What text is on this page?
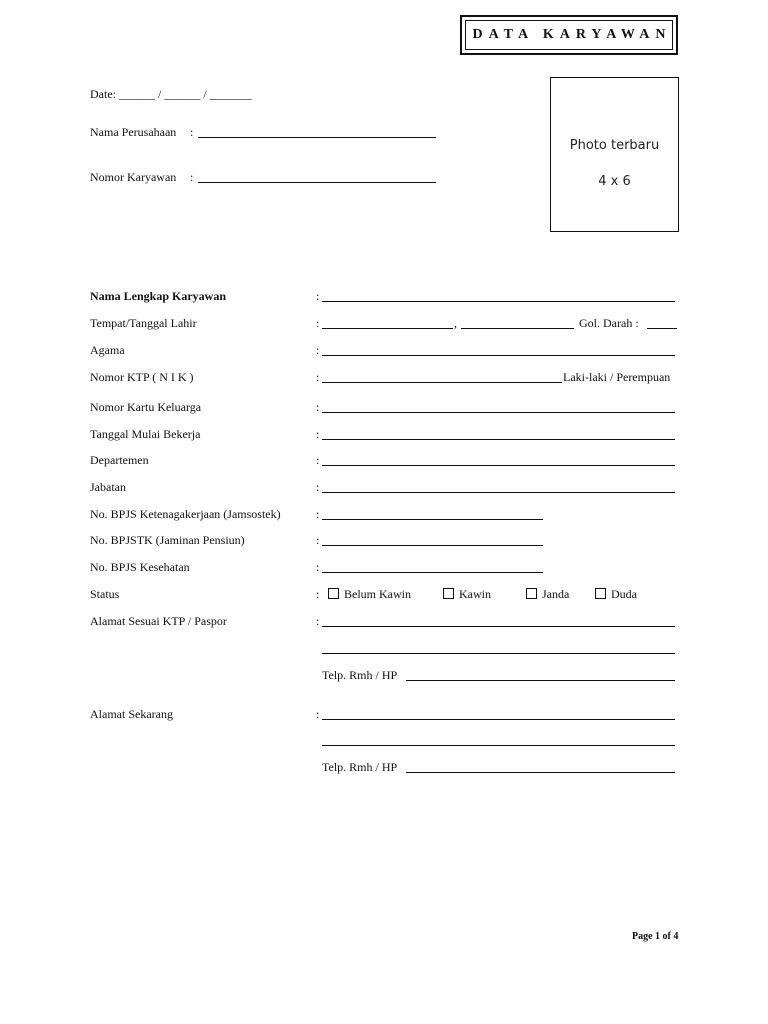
DATA KARYAWAN
Date: ______ / ______ / _______
Nama Perusahaan :
Nomor Karyawan :
Photo terbaru
4 x 6
Nama Lengkap Karyawan	:
Tempat/Tanggal Lahir	:	,	Gol. Darah :
Agama	:
Nomor KTP ( N I K )	:	Laki-laki / Perempuan
Nomor Kartu Keluarga	:
Tanggal Mulai Bekerja	:
Departemen	:
Jabatan	:
No. BPJS Ketenagakerjaan (Jamsostek)	:
No. BPJSTK (Jaminan Pensiun)	:
No. BPJS Kesehatan	:
Status	: Belum Kawin	Kawin	Janda	Duda
Alamat Sesuai KTP / Paspor	:
Telp. Rmh / HP
Alamat Sekarang	:
Telp. Rmh / HP
Page 1 of 4
